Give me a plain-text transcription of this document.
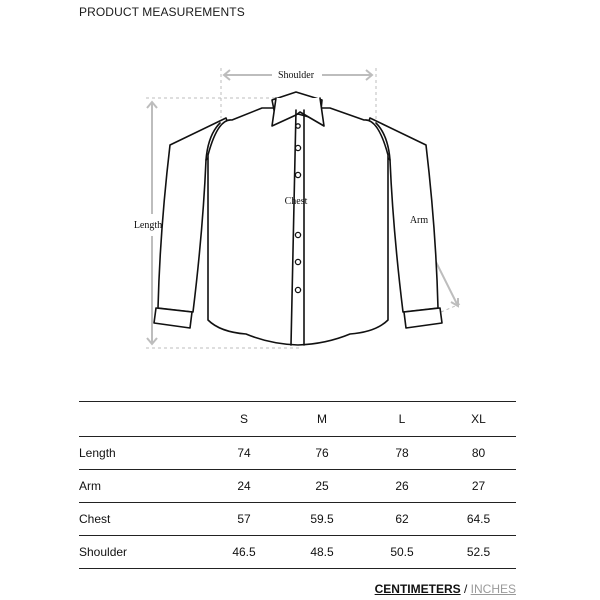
PRODUCT MEASUREMENTS
Shoulder
Chest
Length	Arm
	S	M	L	XL
Length	74	76	78	80
Arm	24	25	26	27
Chest	57	59.5	62	64.5
Shoulder	46.5	48.5	50.5	52.5
CENTIMETERS / INCHES
